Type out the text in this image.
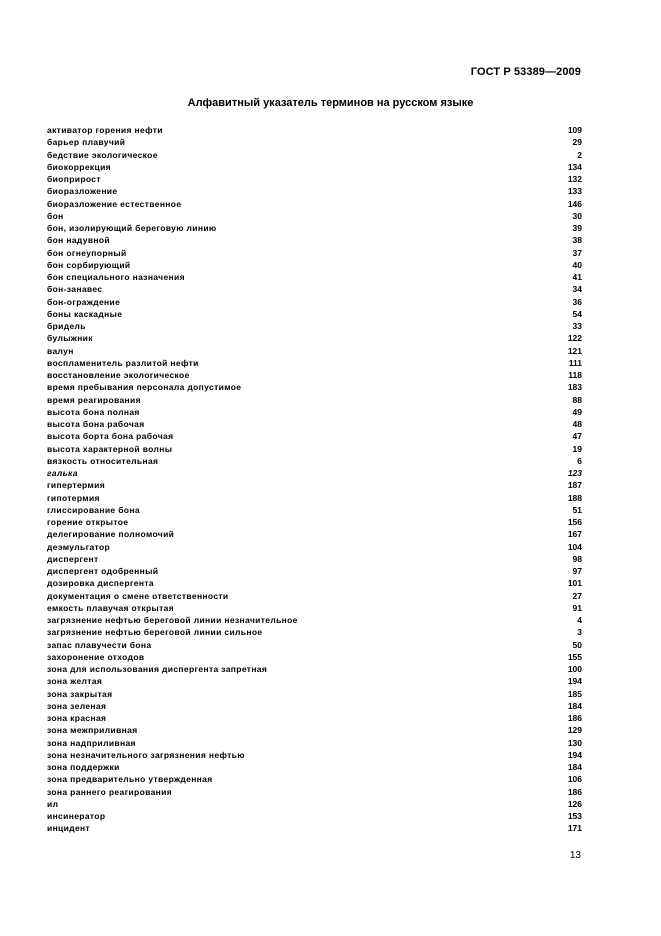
ГОСТ Р 53389—2009
Алфавитный указатель терминов на русском языке
активатор горения нефти	109
барьер плавучий	29
бедствие экологическое	2
биокоррекция	134
биоприрост	132
биоразложение	133
биоразложение естественное	146
бон	30
бон, изолирующий береговую линию	39
бон надувной	38
бон огнеупорный	37
бон сорбирующий	40
бон специального назначения	41
бон-занавес	34
бон-ограждение	36
боны каскадные	54
бридель	33
булыжник	122
валун	121
воспламенитель разлитой нефти	111
восстановление экологическое	118
время пребывания персонала допустимое	183
время реагирования	88
высота бона полная	49
высота бона рабочая	48
высота борта бона рабочая	47
высота характерной волны	19
вязкость относительная	6
галька	123
гипертермия	187
гипотермия	188
глиссирование бона	51
горение открытое	156
делегирование полномочий	167
деэмульгатор	104
диспергент	98
диспергент одобренный	97
дозировка диспергента	101
документация о смене ответственности	27
емкость плавучая открытая	91
загрязнение нефтью береговой линии незначительное	4
загрязнение нефтью береговой линии сильное	3
запас плавучести бона	50
захоронение отходов	155
зона для использования диспергента запретная	100
зона желтая	194
зона закрытая	185
зона зеленая	184
зона красная	186
зона межприливная	129
зона надприливная	130
зона незначительного загрязнения нефтью	194
зона поддержки	184
зона предварительно утвержденная	106
зона раннего реагирования	186
ил	126
инсинератор	153
инцидент	171
13
